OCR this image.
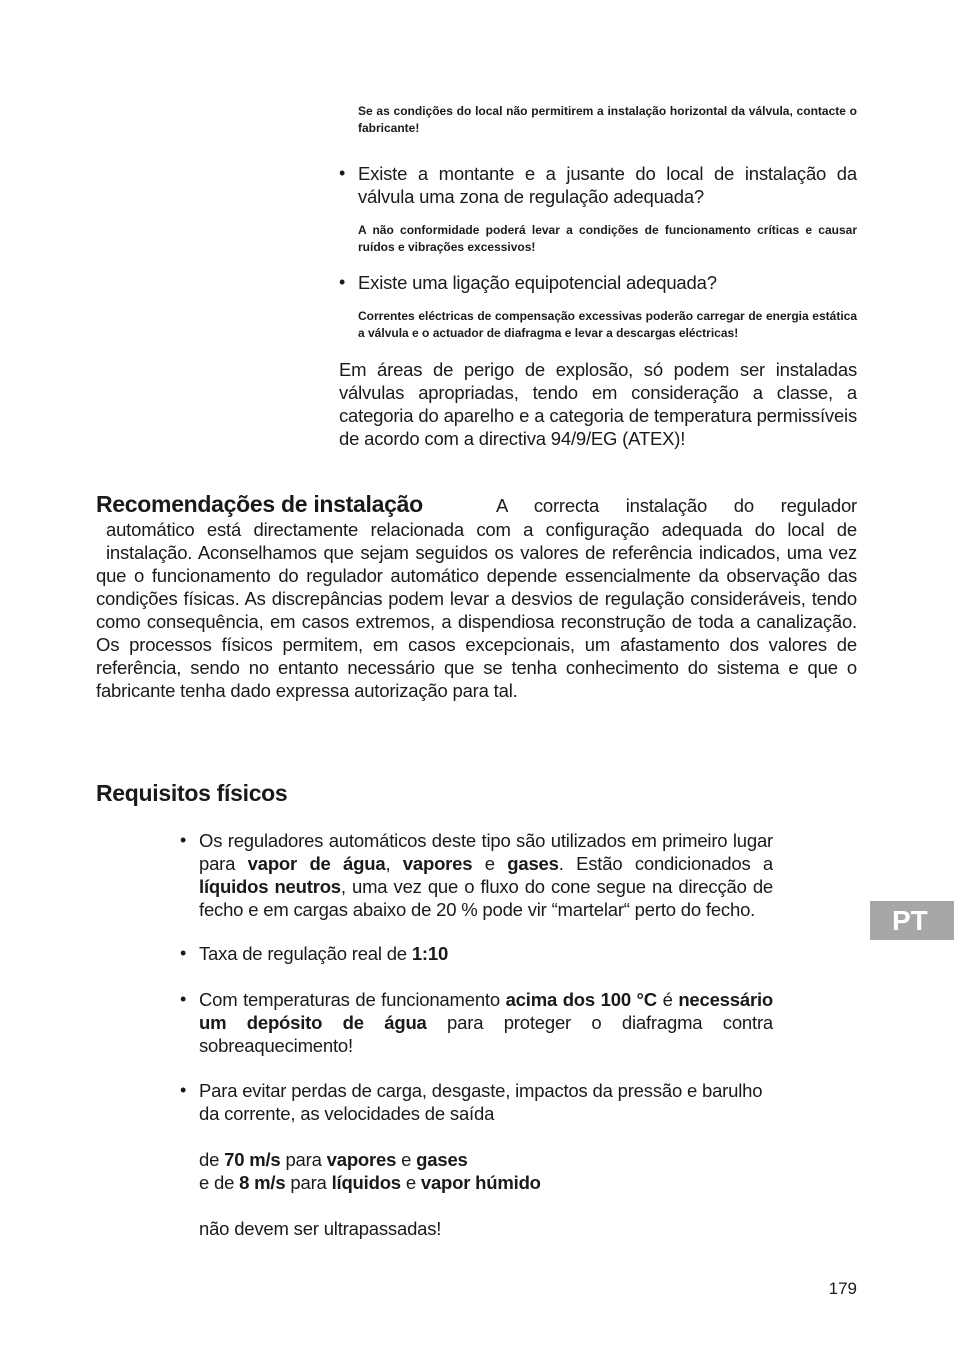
Se as condições do local não permitirem a instalação horizontal da válvula, contacte o fabricante!
• Existe a montante e a jusante do local de instalação da válvula uma zona de regulação adequada?
A não conformidade poderá levar a condições de funcionamento críticas e causar ruídos e vibrações excessivos!
• Existe uma ligação equipotencial adequada?
Correntes eléctricas de compensação excessivas poderão carregar de energia estática a válvula e o actuador de diafragma e levar a descargas eléctricas!
Em áreas de perigo de explosão, só podem ser instaladas válvulas apropriadas, tendo em consideração a classe, a categoria do aparelho e a categoria de temperatura permissíveis de acordo com a directiva 94/9/EG (ATEX)!
Recomendações de instalação	A correcta instalação do regulador automático está directamente relacionada com a configuração adequada do local de instalação. Aconselhamos que sejam seguidos os valores de referência indicados, uma vez que o funcionamento do regulador automático depende essencialmente da observação das condições físicas. As discrepâncias podem levar a desvios de regulação consideráveis, tendo como consequência, em casos extremos, a dispendiosa reconstrução de toda a canalização. Os processos físicos permitem, em casos excepcionais, um afastamento dos valores de referência, sendo no entanto necessário que se tenha conhecimento do sistema e que o fabricante tenha dado expressa autorização para tal.
Requisitos físicos
• Os reguladores automáticos deste tipo são utilizados em primeiro lugar para vapor de água, vapores e gases. Estão condicionados a líquidos neutros, uma vez que o fluxo do cone segue na direcção de fecho e em cargas abaixo de 20 % pode vir “martelar“ perto do fecho.
• Taxa de regulação real de 1:10
• Com temperaturas de funcionamento acima dos 100 °C é necessário um depósito de água para proteger o diafragma contra sobreaquecimento!
• Para evitar perdas de carga, desgaste, impactos da pressão e barulho da corrente, as velocidades de saída
de 70 m/s para vapores e gases
e de 8 m/s para líquidos e vapor húmido
não devem ser ultrapassadas!
PT
179
